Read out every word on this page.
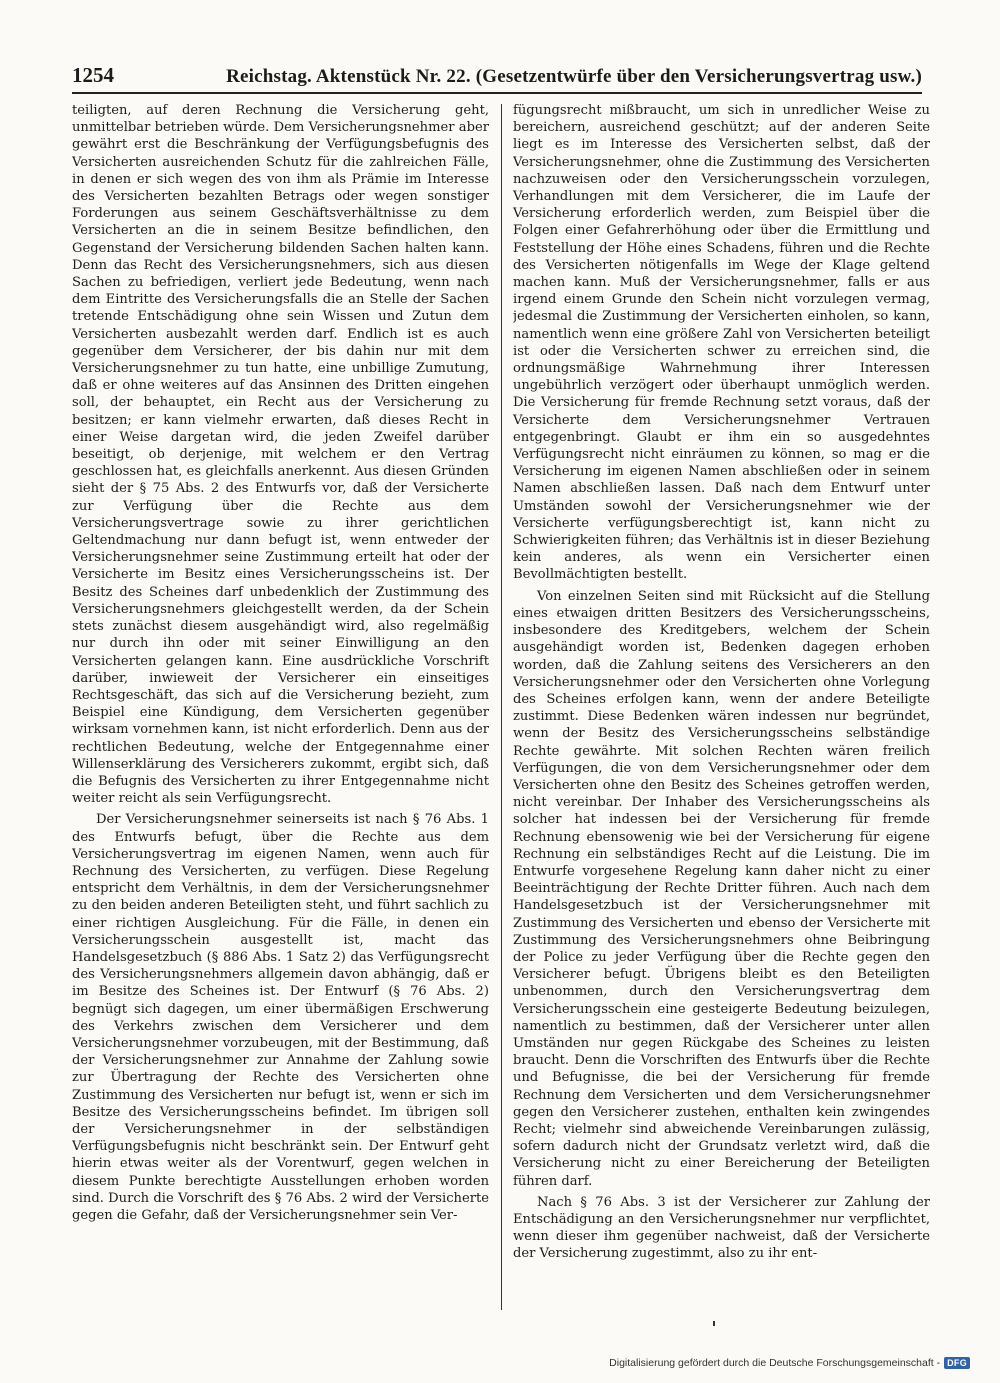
1254	Reichstag. Aktenstück Nr. 22. (Gesetzentwürfe über den Versicherungsvertrag usw.)

teiligten, auf deren Rechnung die Versicherung geht, unmittelbar betrieben würde. Dem Versicherungsnehmer aber gewährt erst die Beschränkung der Verfügungsbefugnis des Versicherten ausreichenden Schutz für die zahlreichen Fälle, in denen er sich wegen des von ihm als Prämie im Interesse des Versicherten bezahlten Betrags oder wegen sonstiger Forderungen aus seinem Geschäftsverhältnisse zu dem Versicherten an die in seinem Besitze befindlichen, den Gegenstand der Versicherung bildenden Sachen halten kann. Denn das Recht des Versicherungsnehmers, sich aus diesen Sachen zu befriedigen, verliert jede Bedeutung, wenn nach dem Eintritte des Versicherungsfalls die an Stelle der Sachen tretende Entschädigung ohne sein Wissen und Zutun dem Versicherten ausbezahlt werden darf. Endlich ist es auch gegenüber dem Versicherer, der bis dahin nur mit dem Versicherungsnehmer zu tun hatte, eine unbillige Zumutung, daß er ohne weiteres auf das Ansinnen des Dritten eingehen soll, der behauptet, ein Recht aus der Versicherung zu besitzen; er kann vielmehr erwarten, daß dieses Recht in einer Weise dargetan wird, die jeden Zweifel darüber beseitigt, ob derjenige, mit welchem er den Vertrag geschlossen hat, es gleichfalls anerkennt. Aus diesen Gründen sieht der § 75 Abs. 2 des Entwurfs vor, daß der Versicherte zur Verfügung über die Rechte aus dem Versicherungsvertrage sowie zu ihrer gerichtlichen Geltendmachung nur dann befugt ist, wenn entweder der Versicherungsnehmer seine Zustimmung erteilt hat oder der Versicherte im Besitz eines Versicherungsscheins ist. Der Besitz des Scheines darf unbedenklich der Zustimmung des Versicherungsnehmers gleichgestellt werden, da der Schein stets zunächst diesem ausgehändigt wird, also regelmäßig nur durch ihn oder mit seiner Einwilligung an den Versicherten gelangen kann. Eine ausdrückliche Vorschrift darüber, inwieweit der Versicherer ein einseitiges Rechtsgeschäft, das sich auf die Versicherung bezieht, zum Beispiel eine Kündigung, dem Versicherten gegenüber wirksam vornehmen kann, ist nicht erforderlich. Denn aus der rechtlichen Bedeutung, welche der Entgegennahme einer Willenserklärung des Versicherers zukommt, ergibt sich, daß die Befugnis des Versicherten zu ihrer Entgegennahme nicht weiter reicht als sein Verfügungsrecht.

Der Versicherungsnehmer seinerseits ist nach § 76 Abs. 1 des Entwurfs befugt, über die Rechte aus dem Versicherungsvertrag im eigenen Namen, wenn auch für Rechnung des Versicherten, zu verfügen. Diese Regelung entspricht dem Verhältnis, in dem der Versicherungsnehmer zu den beiden anderen Beteiligten steht, und führt sachlich zu einer richtigen Ausgleichung. Für die Fälle, in denen ein Versicherungsschein ausgestellt ist, macht das Handelsgesetzbuch (§ 886 Abs. 1 Satz 2) das Verfügungsrecht des Versicherungsnehmers allgemein davon abhängig, daß er im Besitze des Scheines ist. Der Entwurf (§ 76 Abs. 2) begnügt sich dagegen, um einer übermäßigen Erschwerung des Verkehrs zwischen dem Versicherer und dem Versicherungsnehmer vorzubeugen, mit der Bestimmung, daß der Versicherungsnehmer zur Annahme der Zahlung sowie zur Übertragung der Rechte des Versicherten ohne Zustimmung des Versicherten nur befugt ist, wenn er sich im Besitze des Versicherungsscheins befindet. Im übrigen soll der Versicherungsnehmer in der selbständigen Verfügungsbefugnis nicht beschränkt sein. Der Entwurf geht hierin etwas weiter als der Vorentwurf, gegen welchen in diesem Punkte berechtigte Ausstellungen erhoben worden sind. Durch die Vorschrift des § 76 Abs. 2 wird der Versicherte gegen die Gefahr, daß der Versicherungsnehmer sein Ver-

fügungsrecht mißbraucht, um sich in unredlicher Weise zu bereichern, ausreichend geschützt; auf der anderen Seite liegt es im Interesse des Versicherten selbst, daß der Versicherungsnehmer, ohne die Zustimmung des Versicherten nachzuweisen oder den Versicherungsschein vorzulegen, Verhandlungen mit dem Versicherer, die im Laufe der Versicherung erforderlich werden, zum Beispiel über die Folgen einer Gefahrerhöhung oder über die Ermittlung und Feststellung der Höhe eines Schadens, führen und die Rechte des Versicherten nötigenfalls im Wege der Klage geltend machen kann. Muß der Versicherungsnehmer, falls er aus irgend einem Grunde den Schein nicht vorzulegen vermag, jedesmal die Zustimmung der Versicherten einholen, so kann, namentlich wenn eine größere Zahl von Versicherten beteiligt ist oder die Versicherten schwer zu erreichen sind, die ordnungsmäßige Wahrnehmung ihrer Interessen ungebührlich verzögert oder überhaupt unmöglich werden. Die Versicherung für fremde Rechnung setzt voraus, daß der Versicherte dem Versicherungsnehmer Vertrauen entgegenbringt. Glaubt er ihm ein so ausgedehntes Verfügungsrecht nicht einräumen zu können, so mag er die Versicherung im eigenen Namen abschließen oder in seinem Namen abschließen lassen. Daß nach dem Entwurf unter Umständen sowohl der Versicherungsnehmer wie der Versicherte verfügungsberechtigt ist, kann nicht zu Schwierigkeiten führen; das Verhältnis ist in dieser Beziehung kein anderes, als wenn ein Versicherter einen Bevollmächtigten bestellt.

Von einzelnen Seiten sind mit Rücksicht auf die Stellung eines etwaigen dritten Besitzers des Versicherungsscheins, insbesondere des Kreditgebers, welchem der Schein ausgehändigt worden ist, Bedenken dagegen erhoben worden, daß die Zahlung seitens des Versicherers an den Versicherungsnehmer oder den Versicherten ohne Vorlegung des Scheines erfolgen kann, wenn der andere Beteiligte zustimmt. Diese Bedenken wären indessen nur begründet, wenn der Besitz des Versicherungsscheins selbständige Rechte gewährte. Mit solchen Rechten wären freilich Verfügungen, die von dem Versicherungsnehmer oder dem Versicherten ohne den Besitz des Scheines getroffen werden, nicht vereinbar. Der Inhaber des Versicherungsscheins als solcher hat indessen bei der Versicherung für fremde Rechnung ebensowenig wie bei der Versicherung für eigene Rechnung ein selbständiges Recht auf die Leistung. Die im Entwurfe vorgesehene Regelung kann daher nicht zu einer Beeinträchtigung der Rechte Dritter führen. Auch nach dem Handelsgesetzbuch ist der Versicherungsnehmer mit Zustimmung des Versicherten und ebenso der Versicherte mit Zustimmung des Versicherungsnehmers ohne Beibringung der Police zu jeder Verfügung über die Rechte gegen den Versicherer befugt. Übrigens bleibt es den Beteiligten unbenommen, durch den Versicherungsvertrag dem Versicherungsschein eine gesteigerte Bedeutung beizulegen, namentlich zu bestimmen, daß der Versicherer unter allen Umständen nur gegen Rückgabe des Scheines zu leisten braucht. Denn die Vorschriften des Entwurfs über die Rechte und Befugnisse, die bei der Versicherung für fremde Rechnung dem Versicherten und dem Versicherungsnehmer gegen den Versicherer zustehen, enthalten kein zwingendes Recht; vielmehr sind abweichende Vereinbarungen zulässig, sofern dadurch nicht der Grundsatz verletzt wird, daß die Versicherung nicht zu einer Bereicherung der Beteiligten führen darf.

Nach § 76 Abs. 3 ist der Versicherer zur Zahlung der Entschädigung an den Versicherungsnehmer nur verpflichtet, wenn dieser ihm gegenüber nachweist, daß der Versicherte der Versicherung zugestimmt, also zu ihr ent-

Digitalisierung gefördert durch die Deutsche Forschungsgemeinschaft - DFG
